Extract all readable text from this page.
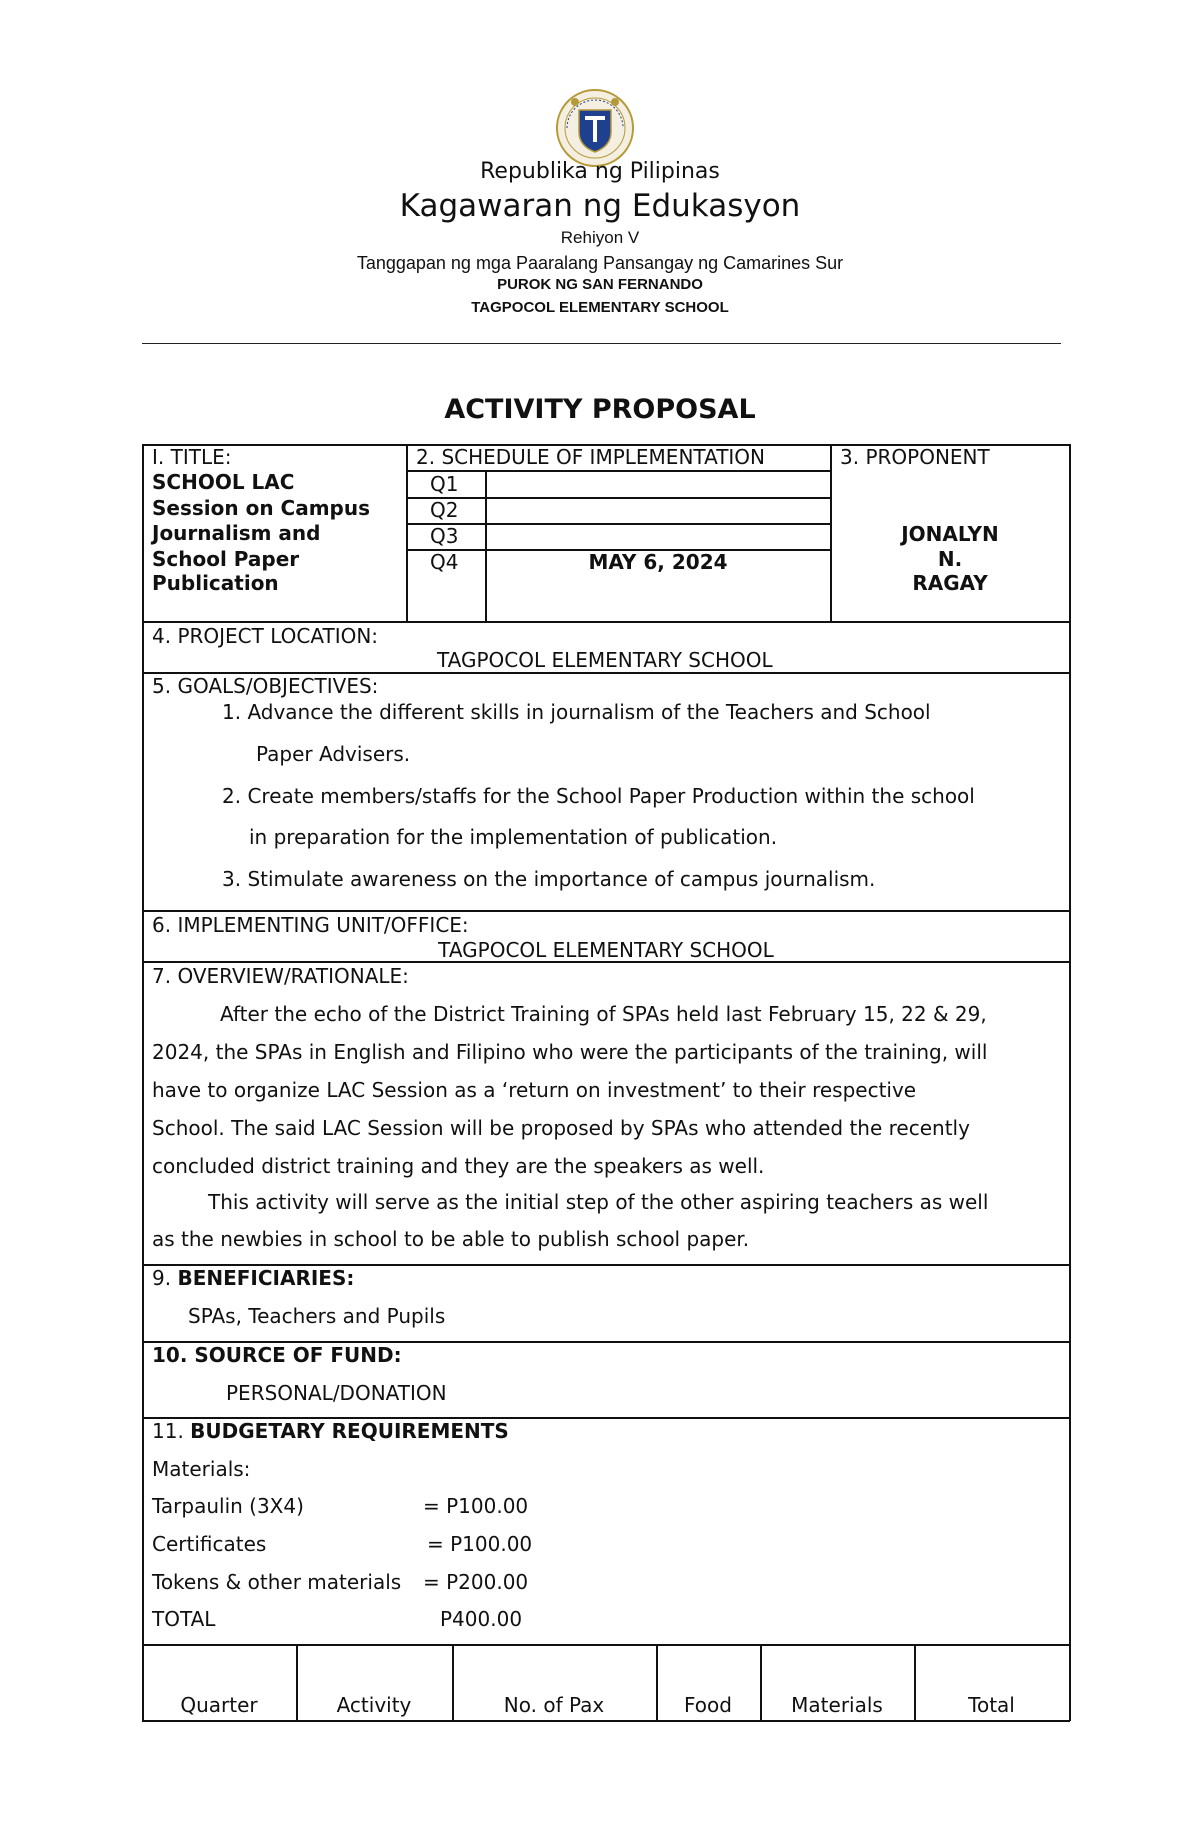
Republika ng Pilipinas
Kagawaran ng Edukasyon
Rehiyon V
Tanggapan ng mga Paaralang Pansangay ng Camarines Sur
PUROK NG SAN FERNANDO
TAGPOCOL ELEMENTARY SCHOOL
ACTIVITY PROPOSAL
I. TITLE:
SCHOOL LAC
Session on Campus
Journalism and
School Paper
Publication
2. SCHEDULE OF IMPLEMENTATION
Q1
Q2
Q3
Q4	MAY 6, 2024
3. PROPONENT
JONALYN
N.
RAGAY
4. PROJECT LOCATION:
TAGPOCOL ELEMENTARY SCHOOL
5. GOALS/OBJECTIVES:
1. Advance the different skills in journalism of the Teachers and School
Paper Advisers.
2. Create members/staffs for the School Paper Production within the school
in preparation for the implementation of publication.
3. Stimulate awareness on the importance of campus journalism.
6. IMPLEMENTING UNIT/OFFICE:
TAGPOCOL ELEMENTARY SCHOOL
7. OVERVIEW/RATIONALE:
After the echo of the District Training of SPAs held last February 15, 22 & 29,
2024, the SPAs in English and Filipino who were the participants of the training, will
have to organize LAC Session as a ‘return on investment’ to their respective
School. The said LAC Session will be proposed by SPAs who attended the recently
concluded district training and they are the speakers as well.
This activity will serve as the initial step of the other aspiring teachers as well
as the newbies in school to be able to publish school paper.
9. BENEFICIARIES:
SPAs, Teachers and Pupils
10. SOURCE OF FUND:
PERSONAL/DONATION
11. BUDGETARY REQUIREMENTS
Materials:
Tarpaulin (3X4)	= P100.00
Certificates	= P100.00
Tokens & other materials = P200.00
TOTAL	P400.00
Quarter	Activity	No. of Pax	Food	Materials	Total
